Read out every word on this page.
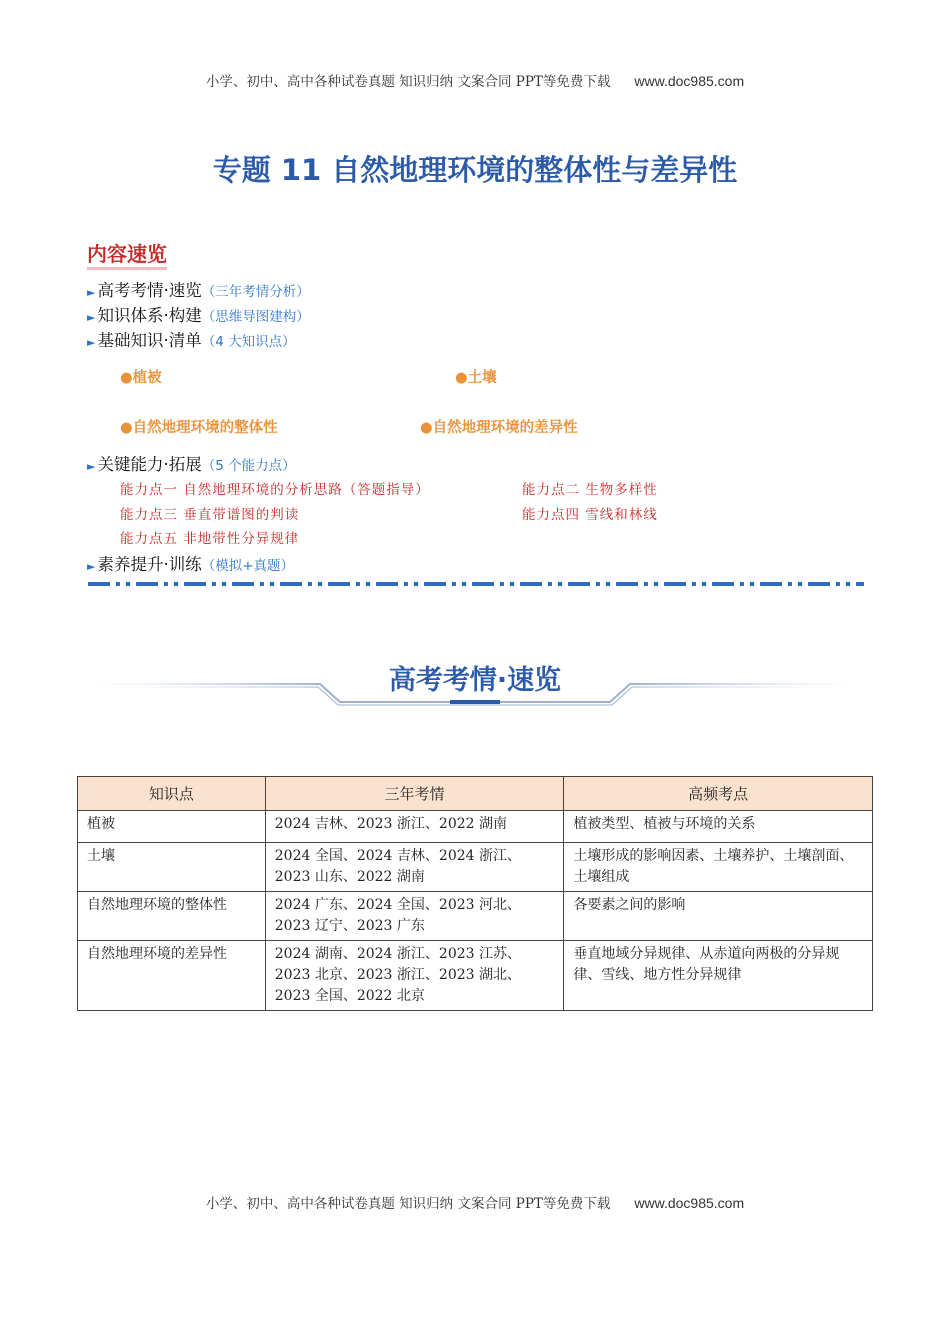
小学、初中、高中各种试卷真题 知识归纳 文案合同 PPT等免费下载 www.doc985.com
专题 11 自然地理环境的整体性与差异性
内容速览
► 高考考情·速览（三年考情分析）
► 知识体系·构建（思维导图建构）
► 基础知识·清单（4 大知识点）
●植被	●土壤
●自然地理环境的整体性	●自然地理环境的差异性
► 关键能力·拓展（5 个能力点）
能力点一 自然地理环境的分析思路（答题指导）	能力点二 生物多样性
能力点三 垂直带谱图的判读	能力点四 雪线和林线
能力点五 非地带性分异规律
► 素养提升·训练（模拟+真题）
高考考情·速览
知识点	三年考情	高频考点
植被	2024 吉林、2023 浙江、2022 湖南	植被类型、植被与环境的关系
土壤	2024 全国、2024 吉林、2024 浙江、2023 山东、2022 湖南	土壤形成的影响因素、土壤养护、土壤剖面、土壤组成
自然地理环境的整体性	2024 广东、2024 全国、2023 河北、2023 辽宁、2023 广东	各要素之间的影响
自然地理环境的差异性	2024 湖南、2024 浙江、2023 江苏、2023 北京、2023 浙江、2023 湖北、2023 全国、2022 北京	垂直地域分异规律、从赤道向两极的分异规律、雪线、地方性分异规律
小学、初中、高中各种试卷真题 知识归纳 文案合同 PPT等免费下载 www.doc985.com
